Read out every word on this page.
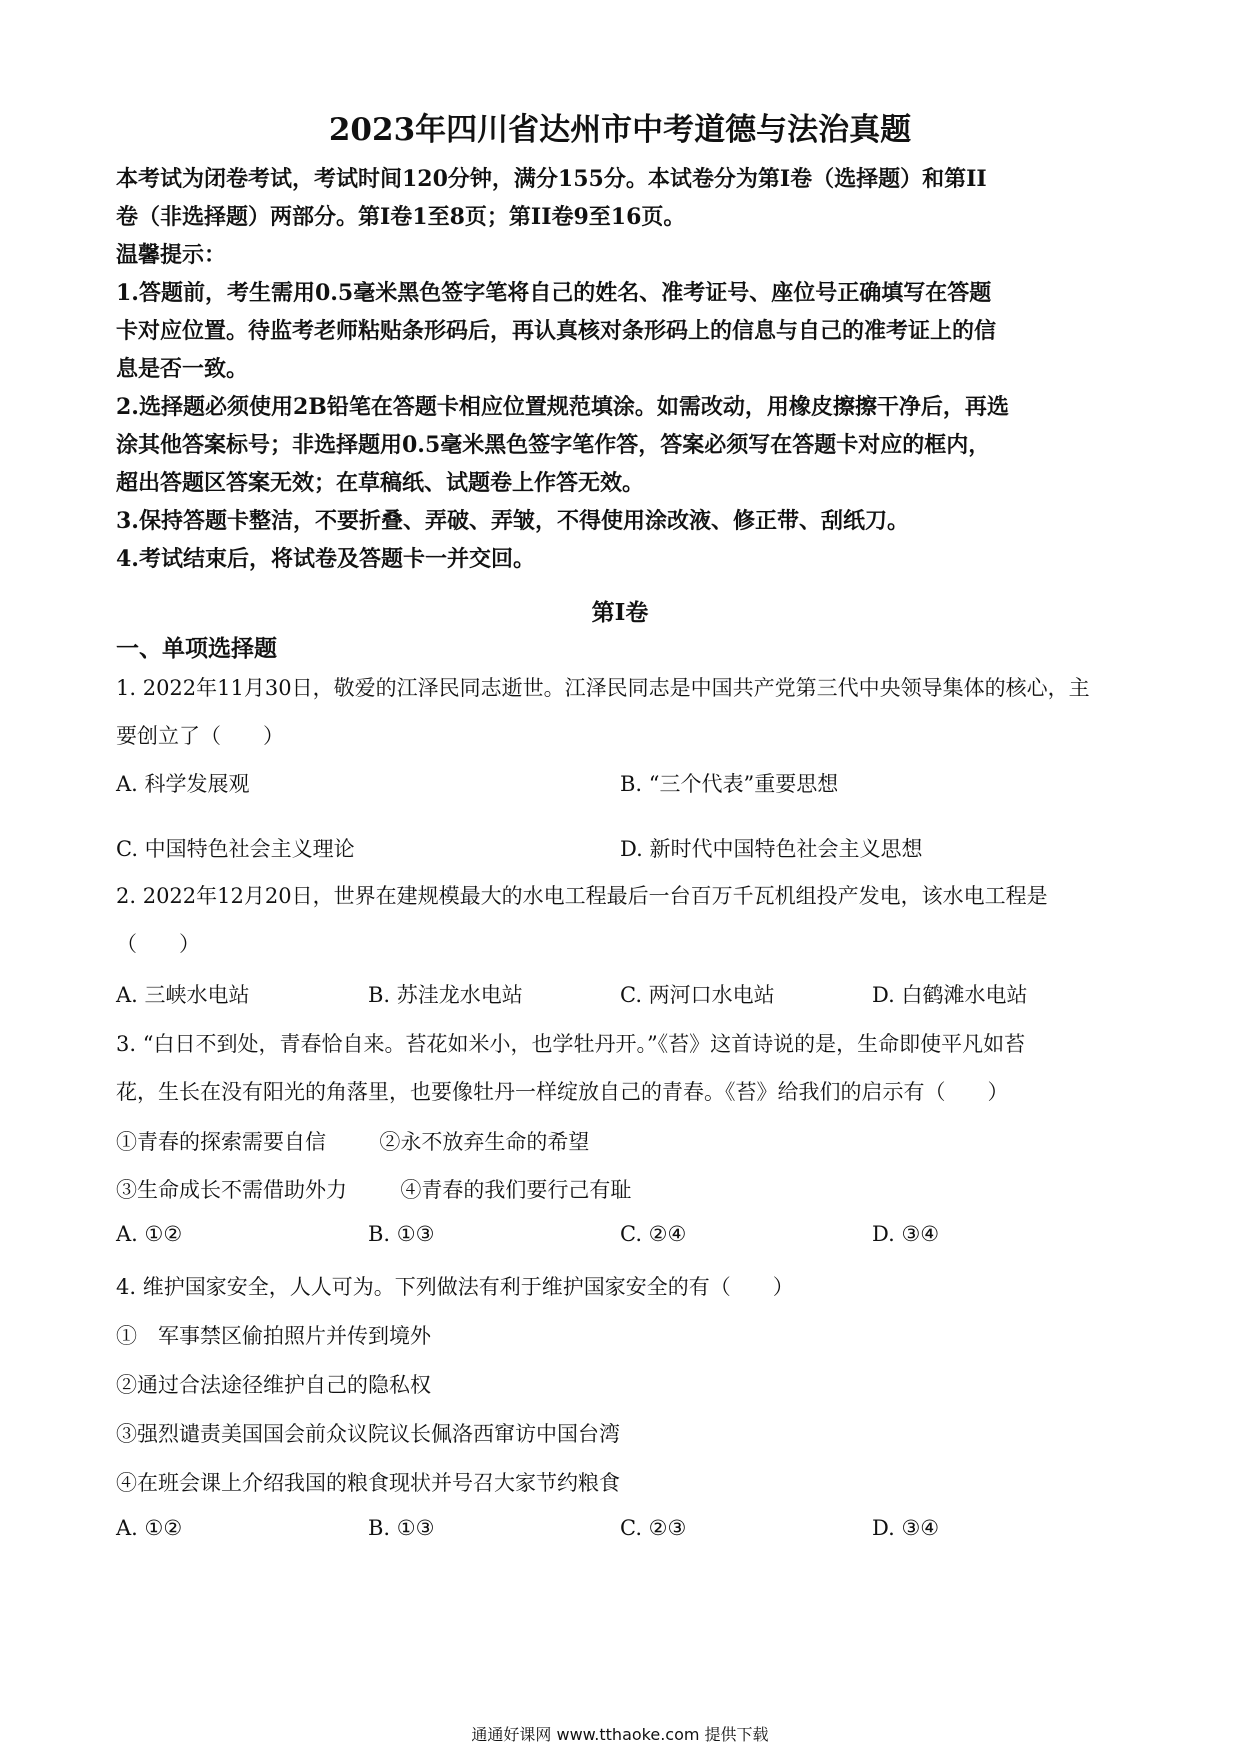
2023年四川省达州市中考道德与法治真题

本考试为闭卷考试，考试时间120分钟，满分155分。本试卷分为第I卷（选择题）和第II

卷（非选择题）两部分。第I卷1至8页；第II卷9至16页。

温馨提示：

1.答题前，考生需用0.5毫米黑色签字笔将自己的姓名、准考证号、座位号正确填写在答题

卡对应位置。待监考老师粘贴条形码后，再认真核对条形码上的信息与自己的准考证上的信

息是否一致。

2.选择题必须使用2B铅笔在答题卡相应位置规范填涂。如需改动，用橡皮擦擦干净后，再选

涂其他答案标号；非选择题用0.5毫米黑色签字笔作答，答案必须写在答题卡对应的框内，

超出答题区答案无效；在草稿纸、试题卷上作答无效。

3.保持答题卡整洁，不要折叠、弄破、弄皱，不得使用涂改液、修正带、刮纸刀。

4.考试结束后，将试卷及答题卡一并交回。

第I卷
一、单项选择题
1. 2022年11月30日，敬爱的江泽民同志逝世。江泽民同志是中国共产党第三代中央领导集体的核心，主
要创立了（　　）
A. 科学发展观	B. “三个代表”重要思想
C. 中国特色社会主义理论	D. 新时代中国特色社会主义思想
2. 2022年12月20日，世界在建规模最大的水电工程最后一台百万千瓦机组投产发电，该水电工程是
（　　）
A. 三峡水电站	B. 苏洼龙水电站	C. 两河口水电站	D. 白鹤滩水电站
3. “白日不到处，青春恰自来。苔花如米小，也学牡丹开。”《苔》这首诗说的是，生命即使平凡如苔
花，生长在没有阳光的角落里，也要像牡丹一样绽放自己的青春。《苔》给我们的启示有（　　）
①青春的探索需要自信	②永不放弃生命的希望
③生命成长不需借助外力	④青春的我们要行己有耻
A. ①②	B. ①③	C. ②④	D. ③④
4. 维护国家安全，人人可为。下列做法有利于维护国家安全的有（　　）
①　军事禁区偷拍照片并传到境外
②通过合法途径维护自己的隐私权
③强烈谴责美国国会前众议院议长佩洛西窜访中国台湾
④在班会课上介绍我国的粮食现状并号召大家节约粮食
A. ①②	B. ①③	C. ②③	D. ③④
通通好课网 www.tthaoke.com 提供下载
